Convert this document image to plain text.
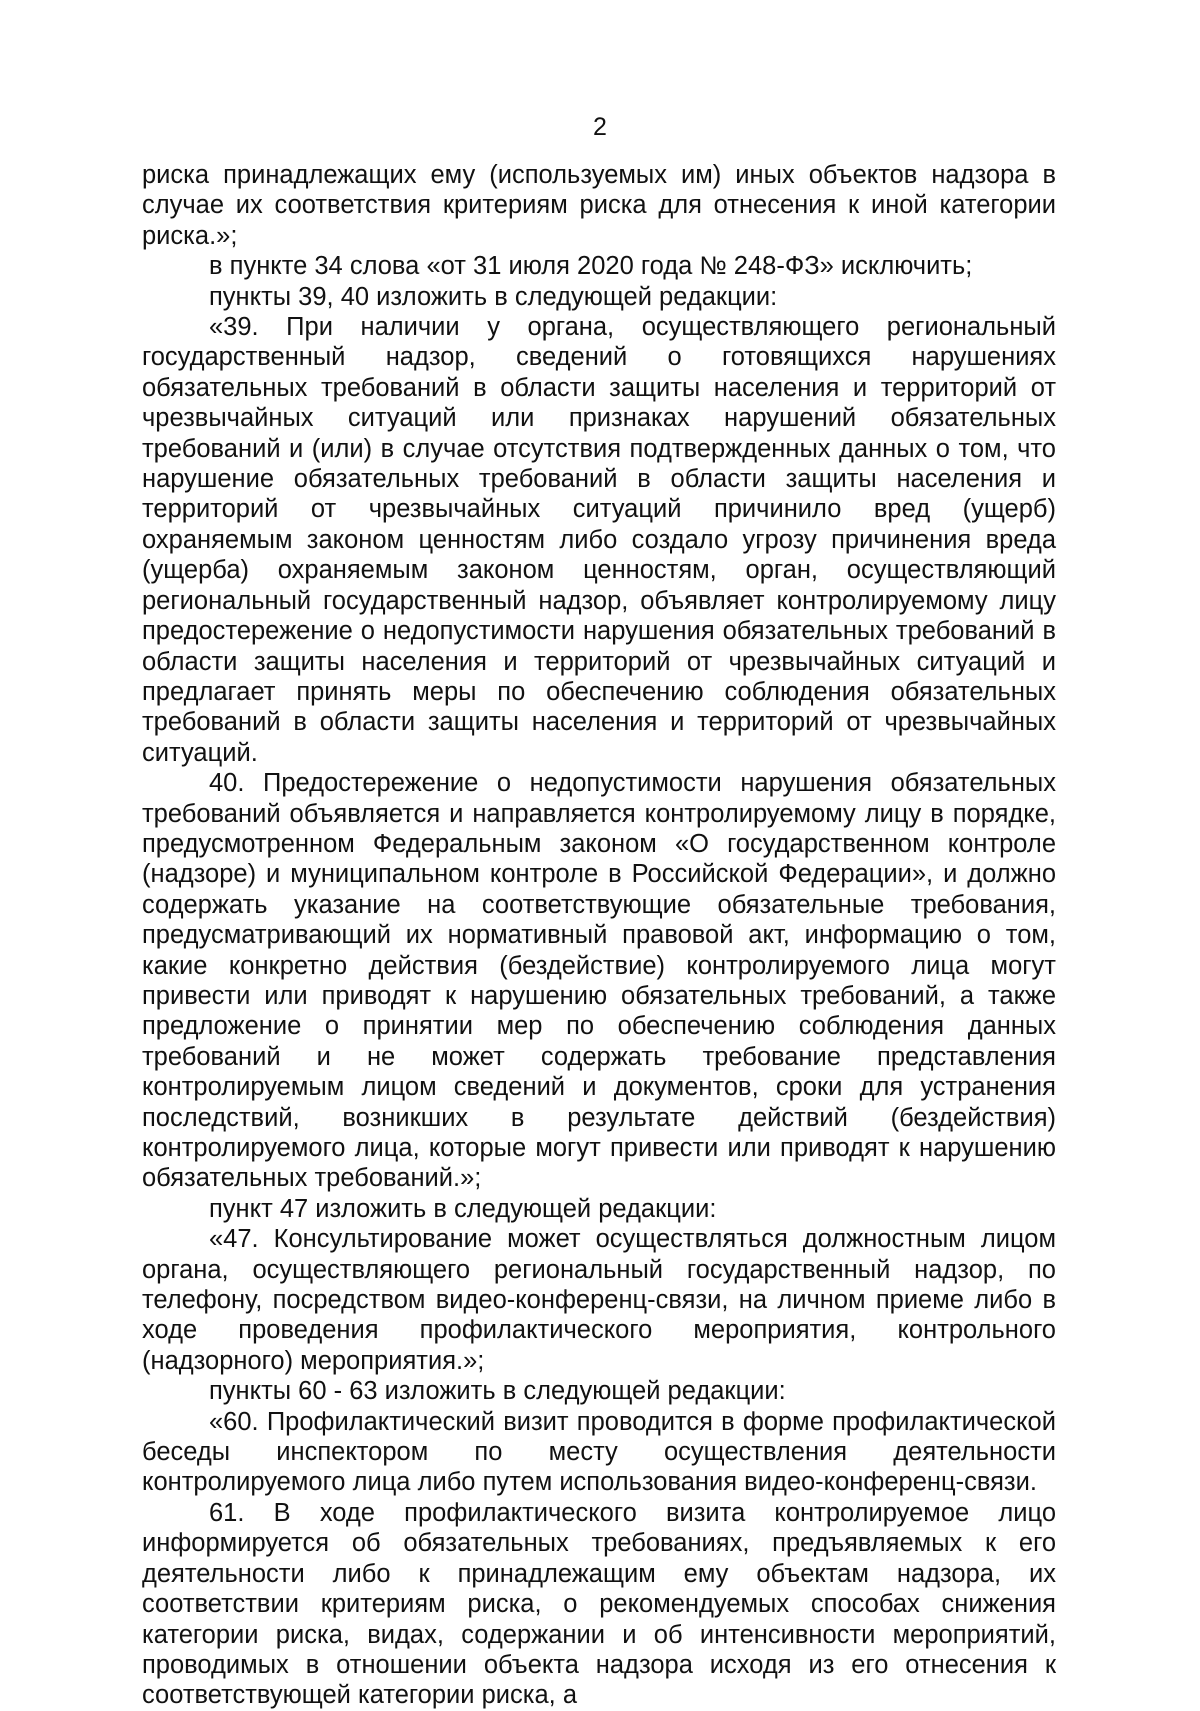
2

риска принадлежащих ему (используемых им) иных объектов надзора в случае их соответствия критериям риска для отнесения к иной категории риска.»;

в пункте 34 слова «от 31 июля 2020 года № 248-ФЗ» исключить;

пункты 39, 40 изложить в следующей редакции:

«39. При наличии у органа, осуществляющего региональный государственный надзор, сведений о готовящихся нарушениях обязательных требований в области защиты населения и территорий от чрезвычайных ситуаций или признаках нарушений обязательных требований и (или) в случае отсутствия подтвержденных данных о том, что нарушение обязательных требований в области защиты населения и территорий от чрезвычайных ситуаций причинило вред (ущерб) охраняемым законом ценностям либо создало угрозу причинения вреда (ущерба) охраняемым законом ценностям, орган, осуществляющий региональный государственный надзор, объявляет контролируемому лицу предостережение о недопустимости нарушения обязательных требований в области защиты населения и территорий от чрезвычайных ситуаций и предлагает принять меры по обеспечению соблюдения обязательных требований в области защиты населения и территорий от чрезвычайных ситуаций.

40. Предостережение о недопустимости нарушения обязательных требований объявляется и направляется контролируемому лицу в порядке, предусмотренном Федеральным законом «О государственном контроле (надзоре) и муниципальном контроле в Российской Федерации», и должно содержать указание на соответствующие обязательные требования, предусматривающий их нормативный правовой акт, информацию о том, какие конкретно действия (бездействие) контролируемого лица могут привести или приводят к нарушению обязательных требований, а также предложение о принятии мер по обеспечению соблюдения данных требований и не может содержать требование представления контролируемым лицом сведений и документов, сроки для устранения последствий, возникших в результате действий (бездействия) контролируемого лица, которые могут привести или приводят к нарушению обязательных требований.»;

пункт 47 изложить в следующей редакции:

«47. Консультирование может осуществляться должностным лицом органа, осуществляющего региональный государственный надзор, по телефону, посредством видео-конференц-связи, на личном приеме либо в ходе проведения профилактического мероприятия, контрольного (надзорного) мероприятия.»;

пункты 60 - 63 изложить в следующей редакции:

«60. Профилактический визит проводится в форме профилактической беседы инспектором по месту осуществления деятельности контролируемого лица либо путем использования видео-конференц-связи.

61. В ходе профилактического визита контролируемое лицо информируется об обязательных требованиях, предъявляемых к его деятельности либо к принадлежащим ему объектам надзора, их соответствии критериям риска, о рекомендуемых способах снижения категории риска, видах, содержании и об интенсивности мероприятий, проводимых в отношении объекта надзора исходя из его отнесения к соответствующей категории риска, а
